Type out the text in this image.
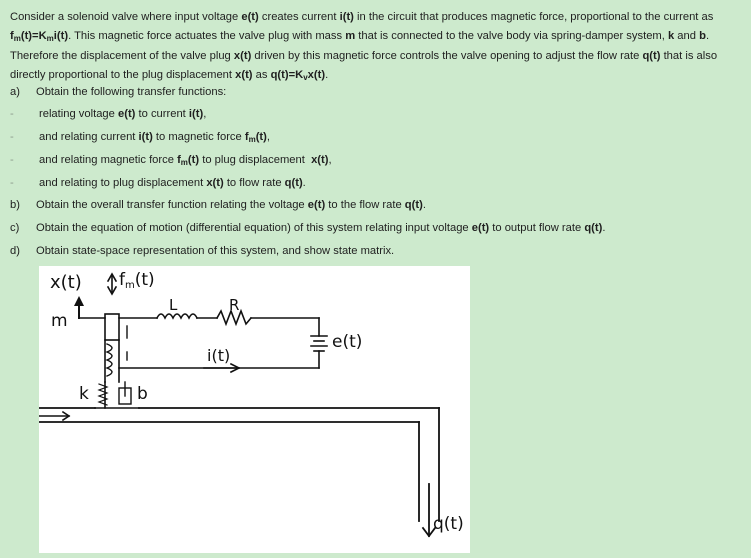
Consider a solenoid valve where input voltage e(t) creates current i(t) in the circuit that produces magnetic force, proportional to the current as $f_m(t)=K_mi(t)$. This magnetic force actuates the valve plug with mass m that is connected to the valve body via spring-damper system, k and b. Therefore the displacement of the valve plug x(t) driven by this magnetic force controls the valve opening to adjust the flow rate q(t) that is also directly proportional to the plug displacement x(t) as $q(t)=K_vx(t)$.
a) Obtain the following transfer functions:
- relating voltage e(t) to current i(t),
- and relating current i(t) to magnetic force $f_m(t)$,
- and relating magnetic force $f_m(t)$ to plug displacement  x(t),
- and relating to plug displacement x(t) to flow rate q(t).
b) Obtain the overall transfer function relating the voltage e(t) to the flow rate q(t).
c) Obtain the equation of motion (differential equation) of this system relating input voltage e(t) to output flow rate q(t).
d) Obtain state-space representation of this system, and show state matrix.
x(t) $f_m(t)$
m
L	R
i(t)
e(t)
k	b
q(t)
